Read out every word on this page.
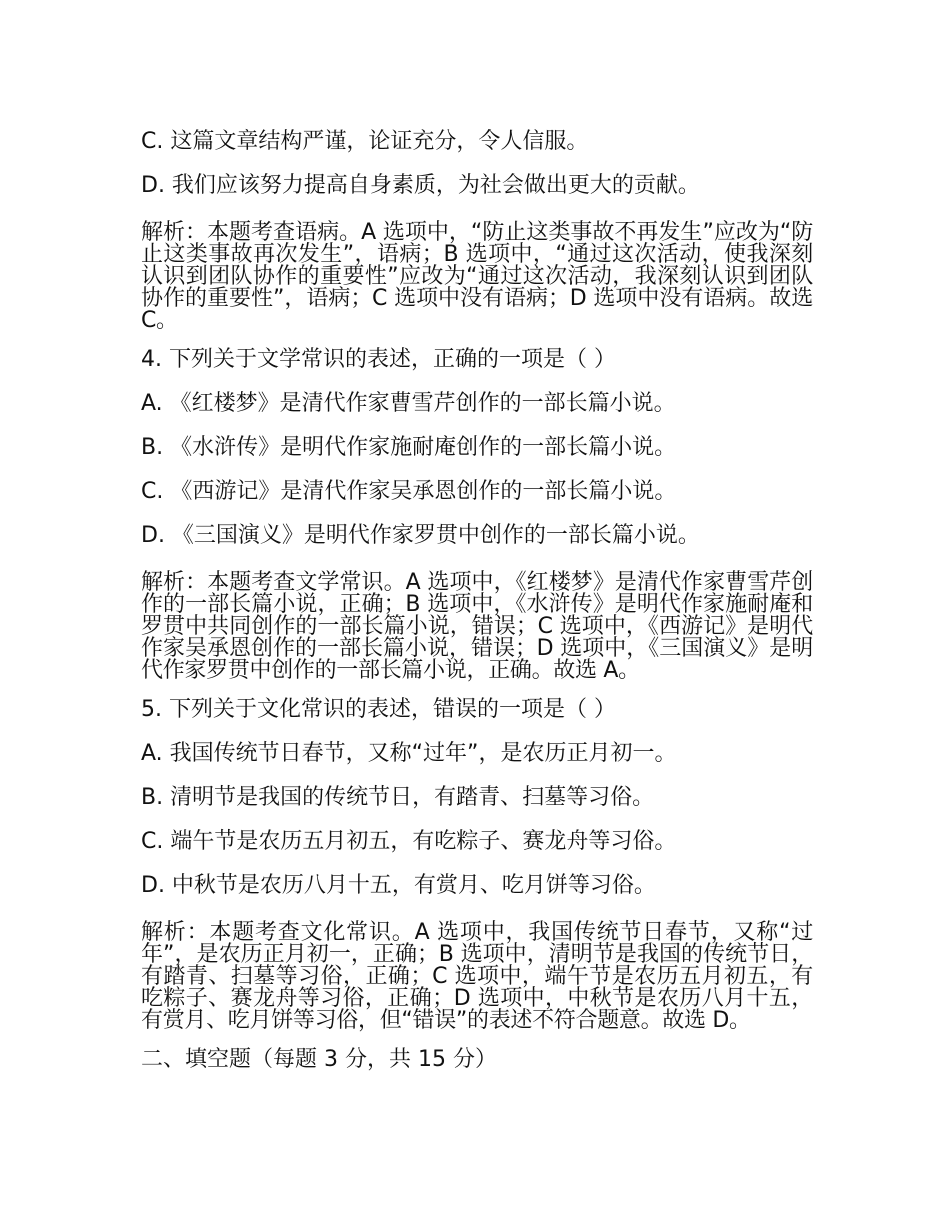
C. 这篇文章结构严谨，论证充分，令人信服。
D. 我们应该努力提高自身素质，为社会做出更大的贡献。
解析：本题考查语病。A 选项中，“防止这类事故不再发生”应改为“防止这类事故再次发生”，语病；B 选项中，“通过这次活动，使我深刻认识到团队协作的重要性”应改为“通过这次活动，我深刻认识到团队协作的重要性”，语病；C 选项中没有语病；D 选项中没有语病。故选 C。
4. 下列关于文学常识的表述，正确的一项是（ ）
A. 《红楼梦》是清代作家曹雪芹创作的一部长篇小说。
B. 《水浒传》是明代作家施耐庵创作的一部长篇小说。
C. 《西游记》是清代作家吴承恩创作的一部长篇小说。
D. 《三国演义》是明代作家罗贯中创作的一部长篇小说。
解析：本题考查文学常识。A 选项中，《红楼梦》是清代作家曹雪芹创作的一部长篇小说，正确；B 选项中，《水浒传》是明代作家施耐庵和罗贯中共同创作的一部长篇小说，错误；C 选项中，《西游记》是明代作家吴承恩创作的一部长篇小说，错误；D 选项中，《三国演义》是明代作家罗贯中创作的一部长篇小说，正确。故选 A。
5. 下列关于文化常识的表述，错误的一项是（ ）
A. 我国传统节日春节，又称“过年”，是农历正月初一。
B. 清明节是我国的传统节日，有踏青、扫墓等习俗。
C. 端午节是农历五月初五，有吃粽子、赛龙舟等习俗。
D. 中秋节是农历八月十五，有赏月、吃月饼等习俗。
解析：本题考查文化常识。A 选项中，我国传统节日春节，又称“过年”，是农历正月初一，正确；B 选项中，清明节是我国的传统节日，有踏青、扫墓等习俗，正确；C 选项中，端午节是农历五月初五，有吃粽子、赛龙舟等习俗，正确；D 选项中，中秋节是农历八月十五，有赏月、吃月饼等习俗，但“错误”的表述不符合题意。故选 D。
二、填空题（每题 3 分，共 15 分）
